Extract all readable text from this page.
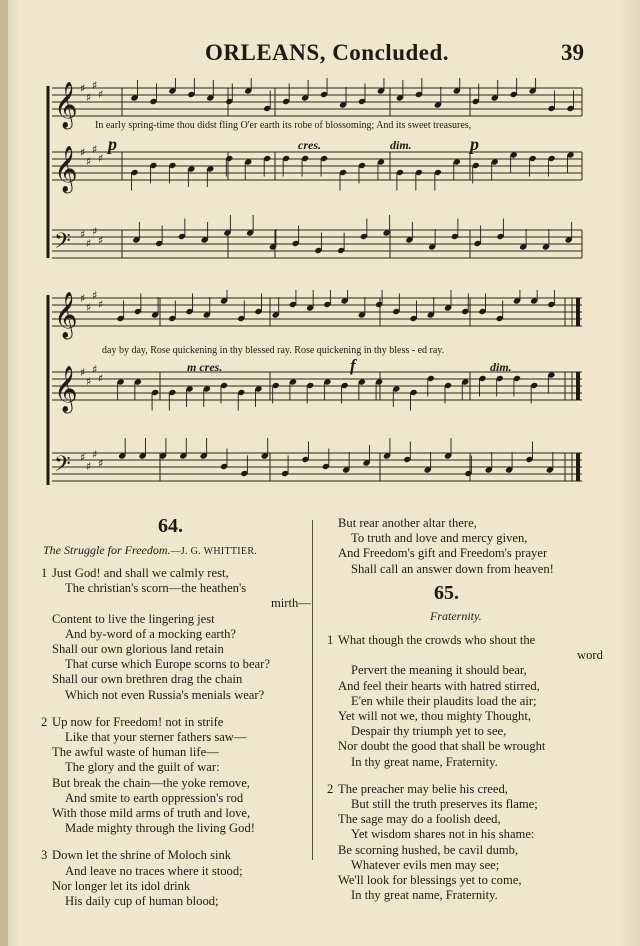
ORLEANS, Concluded.	39
𝄞 ♯
♯
♯
♯
𝄞 ♯
♯
♯
♯
𝄢 ♯
♯
♯
♯
In early spring-time thou didst fling O'er earth its robe of blossoming; And its sweet treasures,
p	cres.	dim.	p
𝄞 ♯
♯
♯
♯
𝄞 ♯
♯
♯
♯
𝄢 ♯
♯
♯
♯
day by day, Rose quickening in thy blessed ray. Rose quickening in thy bless - ed ray.
m cres.	f	dim.
64.
The Struggle for Freedom.—J. G. WHITTIER.
1 Just God! and shall we calmly rest,
The christian's scorn—the heathen's
mirth—
Content to live the lingering jest
And by-word of a mocking earth?
Shall our own glorious land retain
That curse which Europe scorns to bear?
Shall our own brethren drag the chain
Which not even Russia's menials wear?
2 Up now for Freedom! not in strife
Like that your sterner fathers saw—
The awful waste of human life—
The glory and the guilt of war:
But break the chain—the yoke remove,
And smite to earth oppression's rod
With those mild arms of truth and love,
Made mighty through the living God!
3 Down let the shrine of Moloch sink
And leave no traces where it stood;
Nor longer let its idol drink
His daily cup of human blood;
But rear another altar there,
To truth and love and mercy given,
And Freedom's gift and Freedom's prayer
Shall call an answer down from heaven!
65.
Fraternity.
1 What though the crowds who shout the
word
Pervert the meaning it should bear,
And feel their hearts with hatred stirred,
E'en while their plaudits load the air;
Yet will not we, thou mighty Thought,
Despair thy triumph yet to see,
Nor doubt the good that shall be wrought
In thy great name, Fraternity.
2 The preacher may belie his creed,
But still the truth preserves its flame;
The sage may do a foolish deed,
Yet wisdom shares not in his shame:
Be scorning hushed, be cavil dumb,
Whatever evils men may see;
We'll look for blessings yet to come,
In thy great name, Fraternity.
